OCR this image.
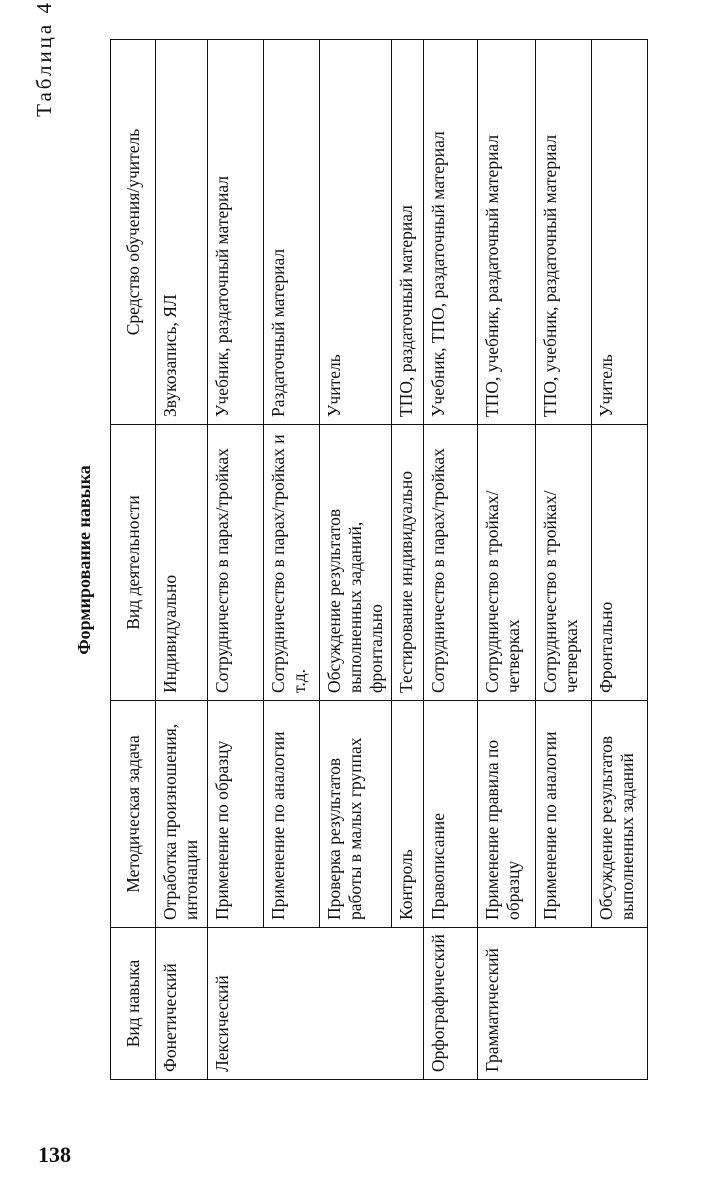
138
Таблица 4
Формирование навыка
Вид навыка	Методическая задача	Вид деятельности	Средство обучения/учитель
Фонетический	Отработка произношения, интонации	Индивидуально	Звукозапись, ЯЛ
Лексический	Применение по образцу	Сотрудничество в парах/тройках	Учебник, раздаточный материал
	Применение по аналогии	Сотрудничество в парах/тройках и т.д.	Раздаточный материал
	Проверка результатов работы в малых группах	Обсуждение результатов выполненных заданий, фронтально	Учитель
	Контроль	Тестирование индивидуально	ТПО, раздаточный материал
Орфографический	Правописание	Сотрудничество в парах/тройках	Учебник, ТПО, раздаточный материал
Грамматический	Применение правила по образцу	Сотрудничество в тройках/четверках	ТПО, учебник, раздаточный материал
	Применение по аналогии	Сотрудничество в тройках/четверках	ТПО, учебник, раздаточный материал
	Обсуждение результатов выполненных заданий	Фронтально	Учитель
